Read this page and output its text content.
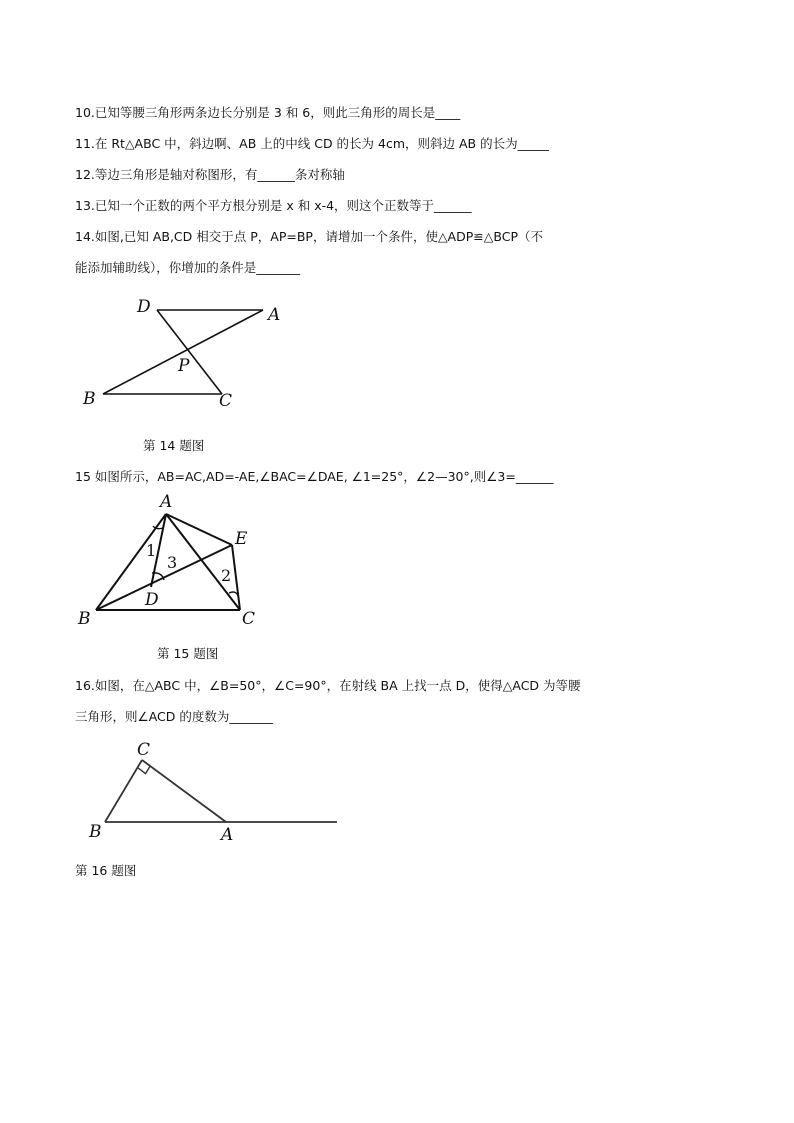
10.已知等腰三角形两条边长分别是 3 和 6，则此三角形的周长是____
11.在 Rt△ABC 中，斜边啊、AB 上的中线 CD 的长为 4cm，则斜边 AB 的长为_____
12.等边三角形是轴对称图形，有______条对称轴
13.已知一个正数的两个平方根分别是 x 和 x-4，则这个正数等于______
14.如图,已知 AB,CD 相交于点 P，AP=BP，请增加一个条件，使△ADP≌△BCP（不
能添加辅助线），你增加的条件是_______
D	A
P
B	C
第 14 题图
15 如图所示，AB=AC,AD=-AE,∠BAC=∠DAE, ∠1=25°，∠2—30°,则∠3=______
A
E
1
3
2
D
B	C
第 15 题图
16.如图，在△ABC 中，∠B=50°，∠C=90°，在射线 BA 上找一点 D，使得△ACD 为等腰
三角形，则∠ACD 的度数为_______
C
B	A
第 16 题图
